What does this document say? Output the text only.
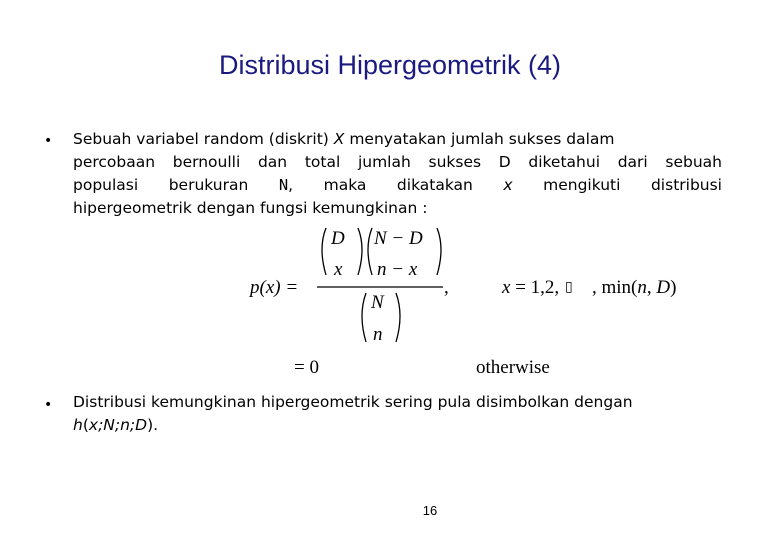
Distribusi Hipergeometrik (4)
• Sebuah variabel random (diskrit) X menyatakan jumlah sukses dalam
percobaan bernoulli dan total jumlah sukses D diketahui dari sebuah
populasi berukuran N, maka dikatakan x mengikuti distribusi
hipergeometrik dengan fungsi kemungkinan :
p(x) =
D
x
N − D
n − x
N
n
,	x = 1,2, ▯ , min(n, D)
= 0	otherwise
• Distribusi kemungkinan hipergeometrik sering pula disimbolkan dengan
h(x;N;n;D).
16
